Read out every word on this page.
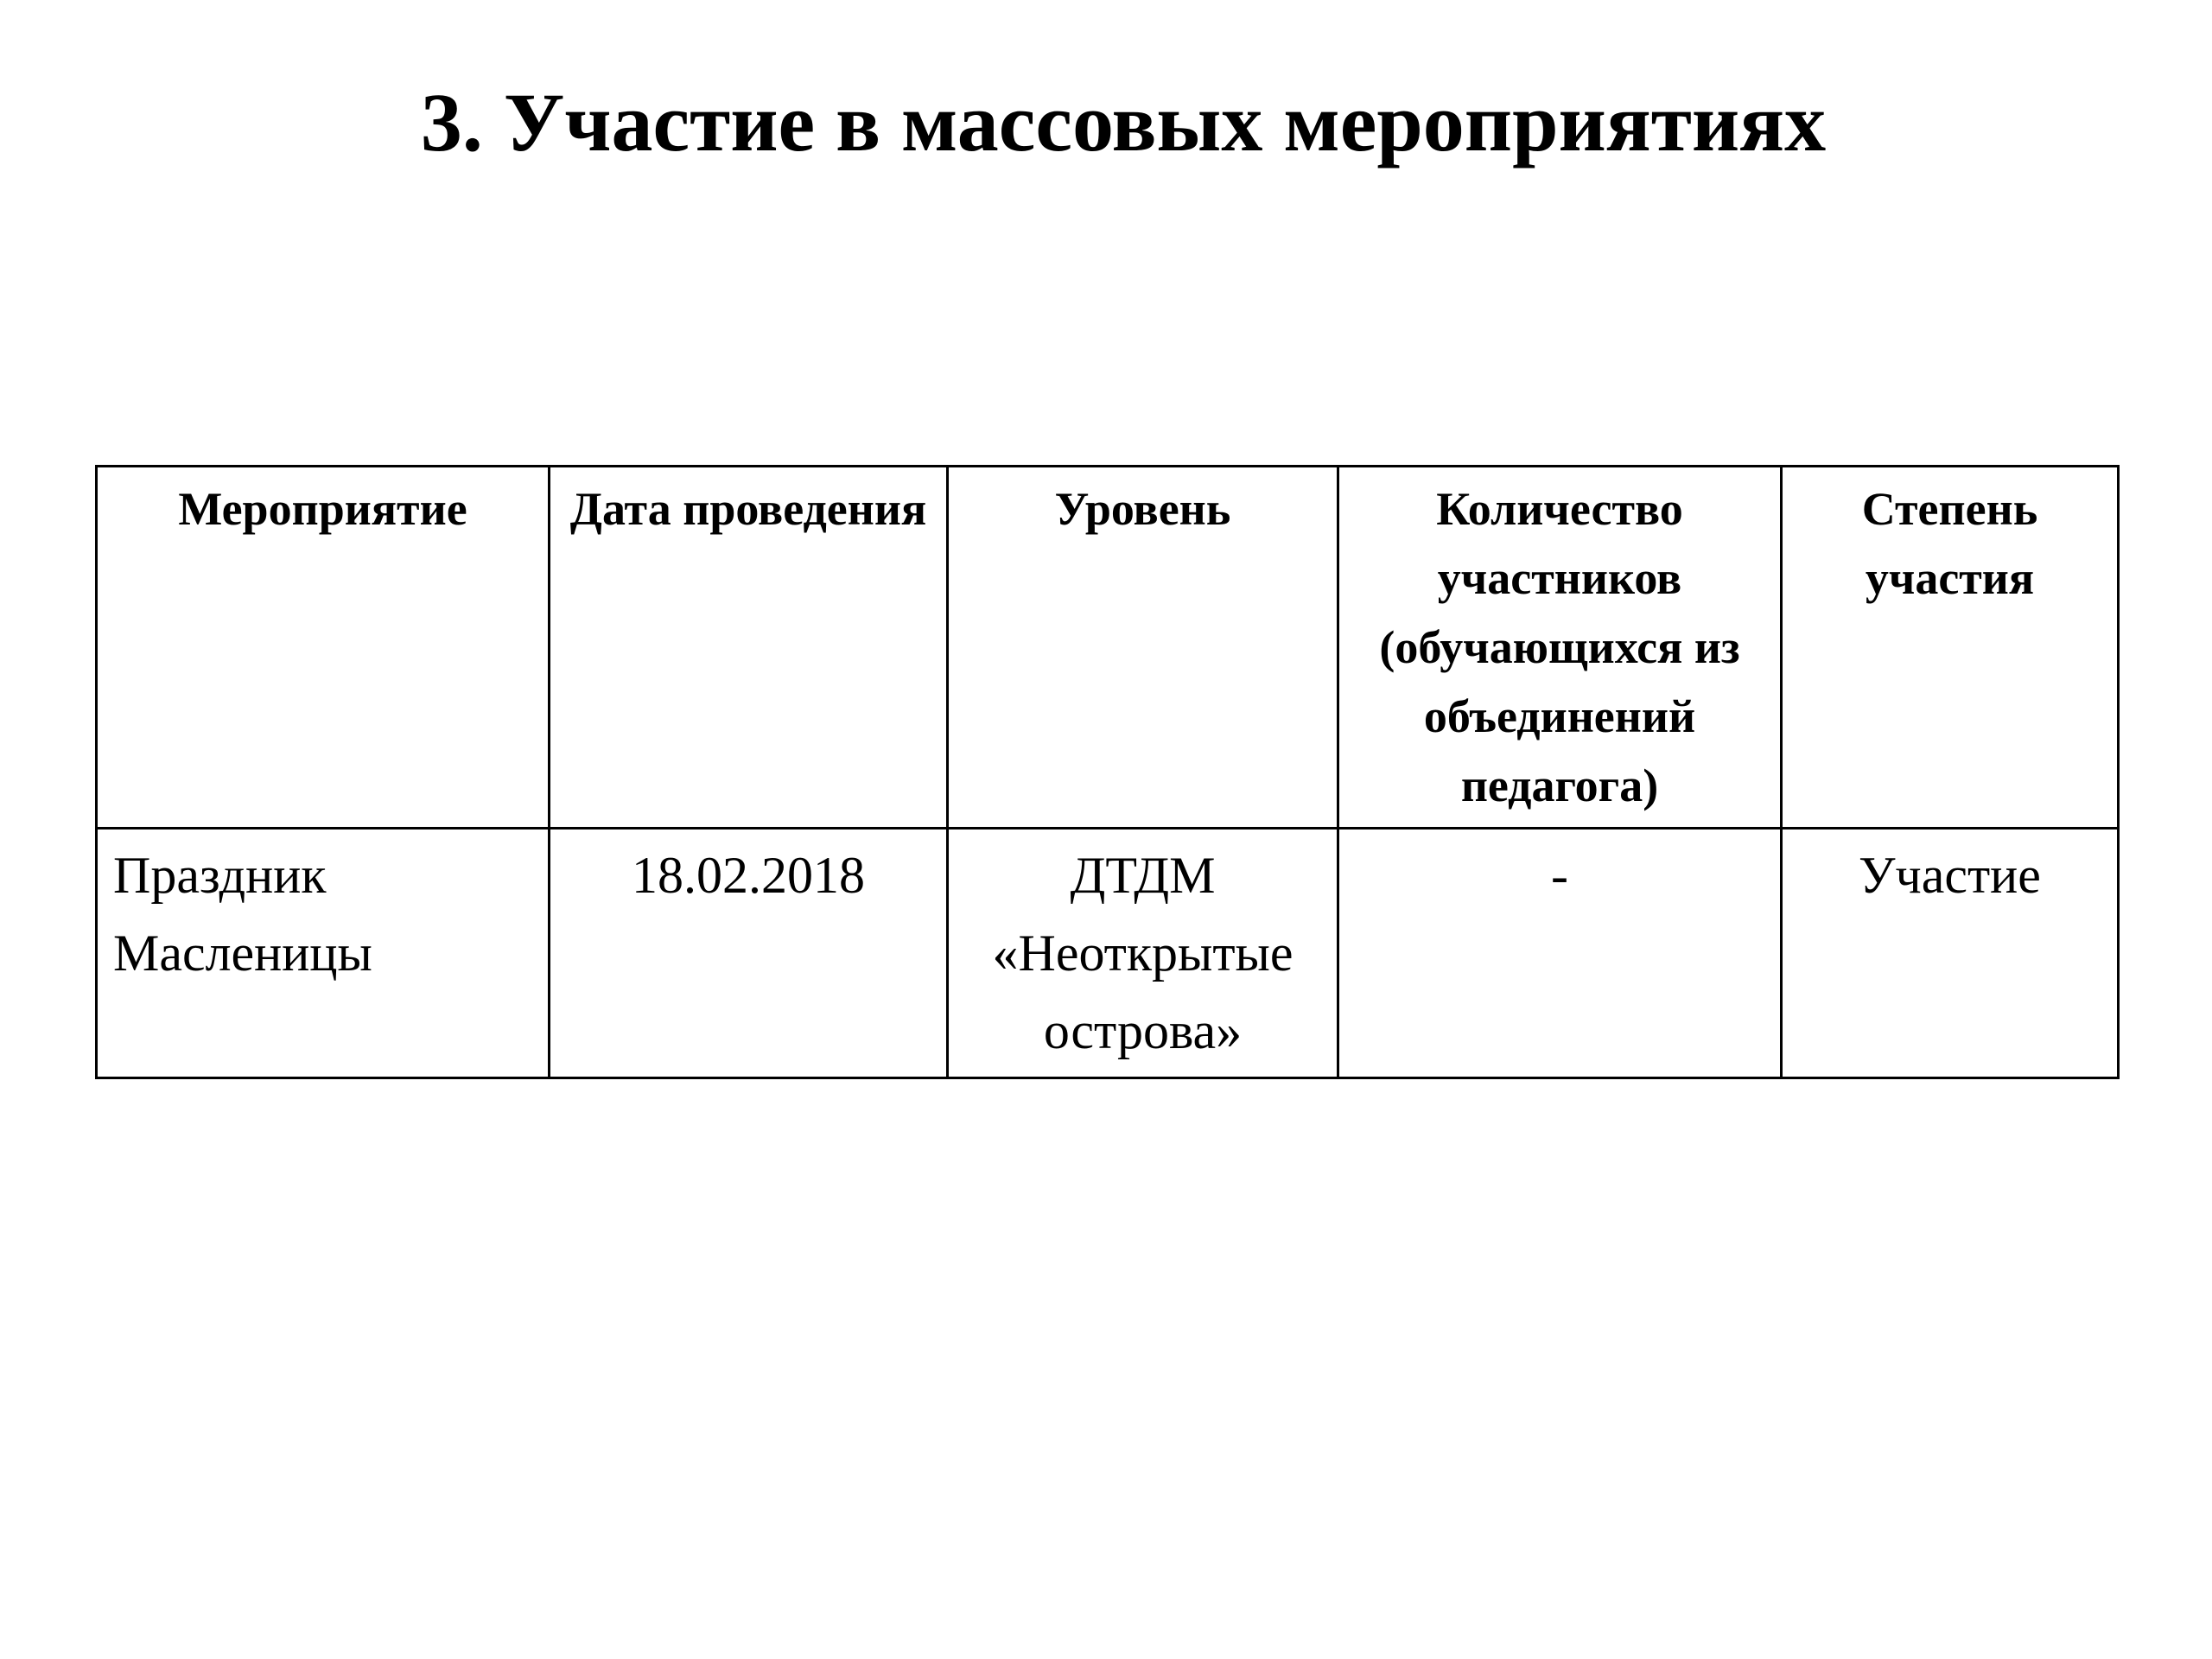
3. Участие в массовых мероприятиях
Мероприятие	Дата проведения	Уровень	Количество участников (обучающихся из объединений педагога)	Степень участия
Праздник Масленицы	18.02.2018	ДТДМ «Неоткрытые острова»	-	Участие
